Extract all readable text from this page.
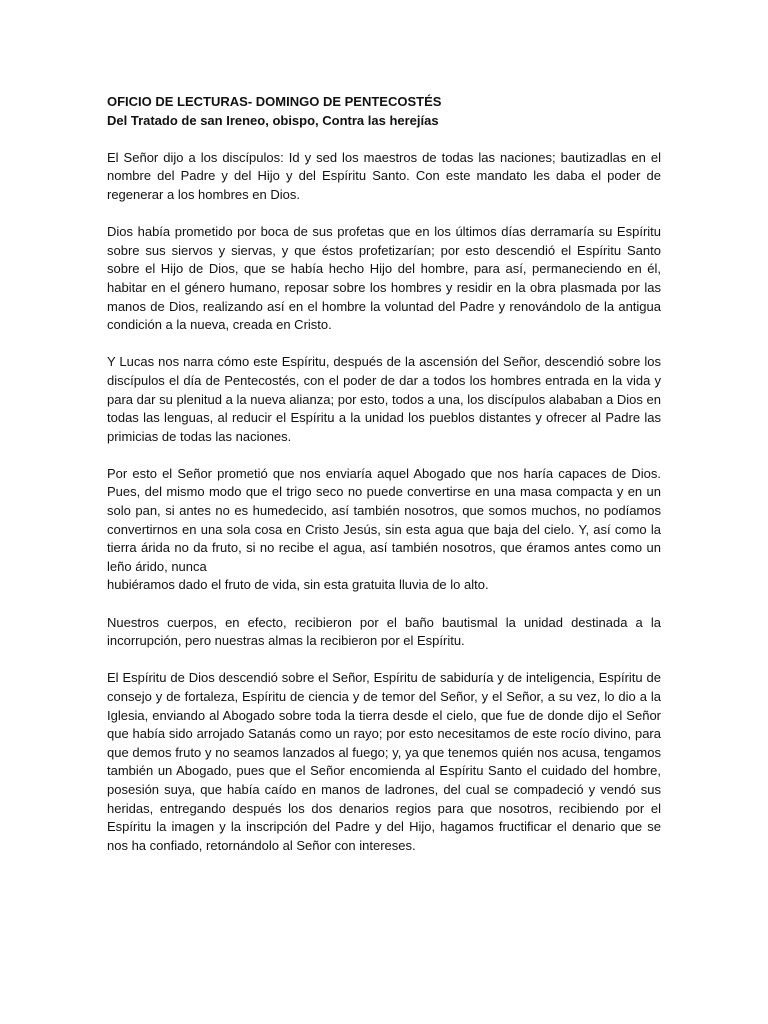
OFICIO DE LECTURAS- DOMINGO DE PENTECOSTÉS

Del Tratado de san Ireneo, obispo, Contra las herejías

El Señor dijo a los discípulos: Id y sed los maestros de todas las naciones; bautizadlas en el nombre del Padre y del Hijo y del Espíritu Santo. Con este mandato les daba el poder de regenerar a los hombres en Dios.

Dios había prometido por boca de sus profetas que en los últimos días derramaría su Espíritu sobre sus siervos y siervas, y que éstos profetizarían; por esto descendió el Espíritu Santo sobre el Hijo de Dios, que se había hecho Hijo del hombre, para así, permaneciendo en él, habitar en el género humano, reposar sobre los hombres y residir en la obra plasmada por las manos de Dios, realizando así en el hombre la voluntad del Padre y renovándolo de la antigua condición a la nueva, creada en Cristo.

Y Lucas nos narra cómo este Espíritu, después de la ascensión del Señor, descendió sobre los discípulos el día de Pentecostés, con el poder de dar a todos los hombres entrada en la vida y para dar su plenitud a la nueva alianza; por esto, todos a una, los discípulos alababan a Dios en todas las lenguas, al reducir el Espíritu a la unidad los pueblos distantes y ofrecer al Padre las primicias de todas las naciones.

Por esto el Señor prometió que nos enviaría aquel Abogado que nos haría capaces de Dios. Pues, del mismo modo que el trigo seco no puede convertirse en una masa compacta y en un solo pan, si antes no es humedecido, así también nosotros, que somos muchos, no podíamos convertirnos en una sola cosa en Cristo Jesús, sin esta agua que baja del cielo. Y, así como la tierra árida no da fruto, si no recibe el agua, así también nosotros, que éramos antes como un leño árido, nunca
hubiéramos dado el fruto de vida, sin esta gratuita lluvia de lo alto.

Nuestros cuerpos, en efecto, recibieron por el baño bautismal la unidad destinada a la incorrupción, pero nuestras almas la recibieron por el Espíritu.

El Espíritu de Dios descendió sobre el Señor, Espíritu de sabiduría y de inteligencia, Espíritu de consejo y de fortaleza, Espíritu de ciencia y de temor del Señor, y el Señor, a su vez, lo dio a la Iglesia, enviando al Abogado sobre toda la tierra desde el cielo, que fue de donde dijo el Señor que había sido arrojado Satanás como un rayo; por esto necesitamos de este rocío divino, para que demos fruto y no seamos lanzados al fuego; y, ya que tenemos quién nos acusa, tengamos también un Abogado, pues que el Señor encomienda al Espíritu Santo el cuidado del hombre, posesión suya, que había caído en manos de ladrones, del cual se compadeció y vendó sus heridas, entregando después los dos denarios regios para que nosotros, recibiendo por el Espíritu la imagen y la inscripción del Padre y del Hijo, hagamos fructificar el denario que se nos ha confiado, retornándolo al Señor con intereses.
